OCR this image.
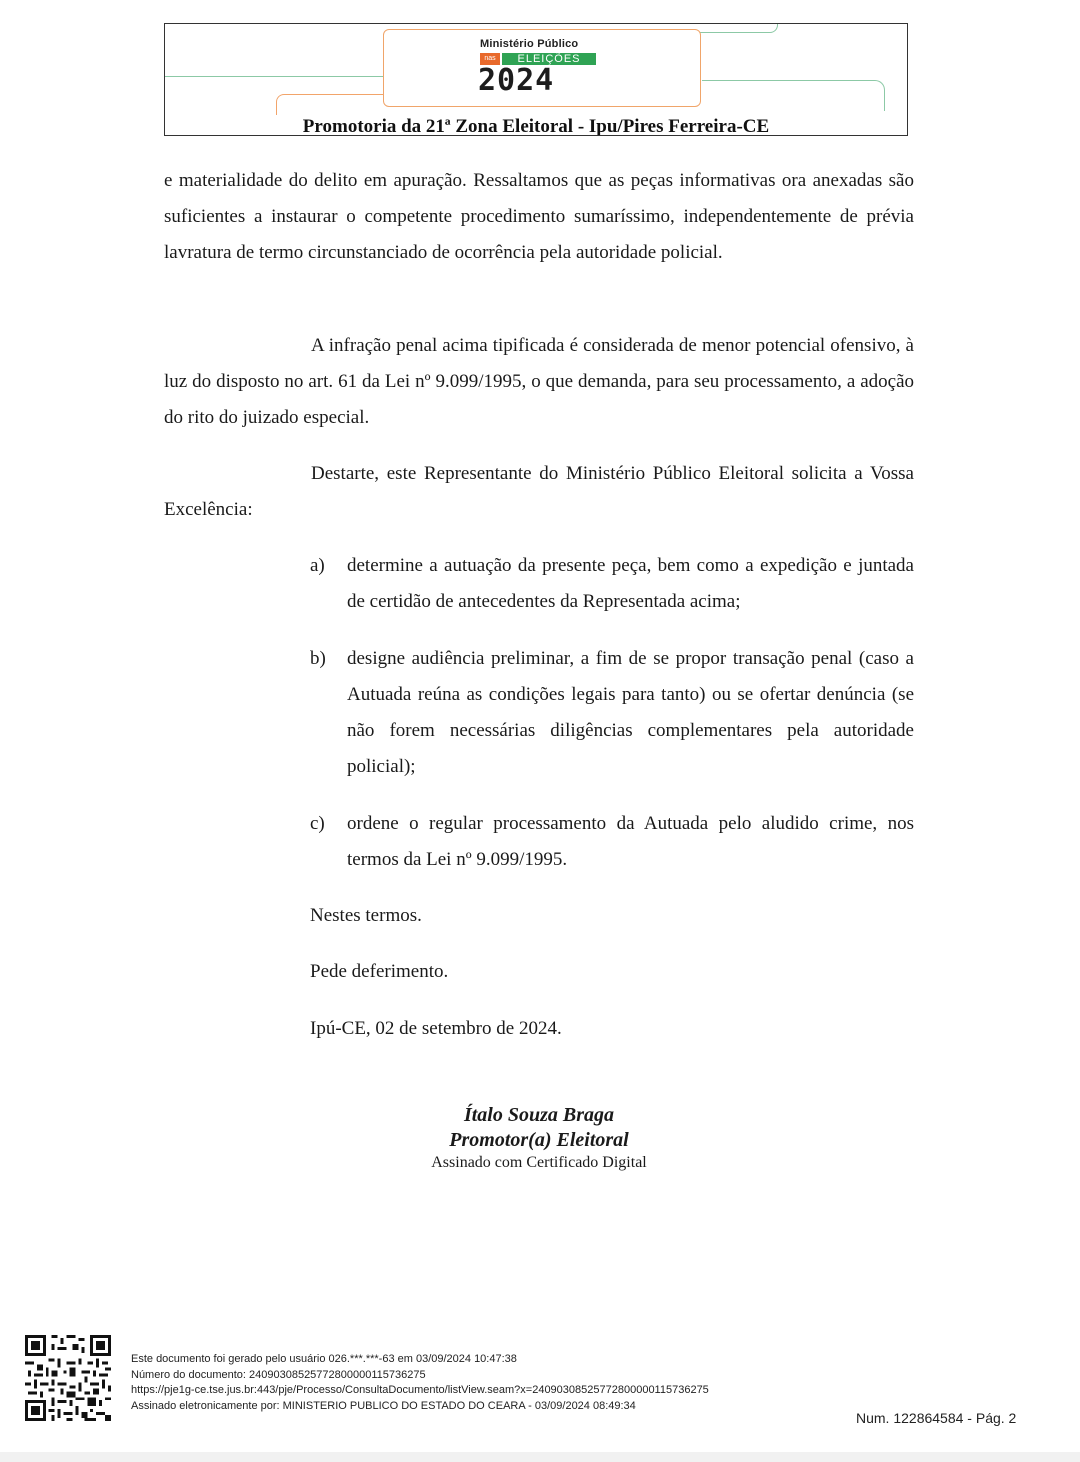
Ministério Público
nas	ELEIÇÕES
2024
Promotoria da 21ª Zona Eleitoral - Ipu/Pires Ferreira-CE

e materialidade do delito em apuração. Ressaltamos que as peças informativas ora anexadas são suficientes a instaurar o competente procedimento sumaríssimo, independentemente de prévia lavratura de termo circunstanciado de ocorrência pela autoridade policial.

A infração penal acima tipificada é considerada de menor potencial ofensivo, à luz do disposto no art. 61 da Lei nº 9.099/1995, o que demanda, para seu processamento, a adoção do rito do juizado especial.

Destarte, este Representante do Ministério Público Eleitoral solicita a Vossa Excelência:

a) determine a autuação da presente peça, bem como a expedição e juntada de certidão de antecedentes da Representada acima;

b) designe audiência preliminar, a fim de se propor transação penal (caso a Autuada reúna as condições legais para tanto) ou se ofertar denúncia (se não forem necessárias diligências complementares pela autoridade policial);

c) ordene o regular processamento da Autuada pelo aludido crime, nos termos da Lei nº 9.099/1995.

Nestes termos.
Pede deferimento.
Ipú-CE, 02 de setembro de 2024.
Ítalo Souza Braga
Promotor(a) Eleitoral
Assinado com Certificado Digital
Este documento foi gerado pelo usuário 026.***.***-63 em 03/09/2024 10:47:38
Número do documento: 24090308525772800000115736275
https://pje1g-ce.tse.jus.br:443/pje/Processo/ConsultaDocumento/listView.seam?x=24090308525772800000115736275
Assinado eletronicamente por: MINISTERIO PUBLICO DO ESTADO DO CEARA - 03/09/2024 08:49:34
Num. 122864584 - Pág. 2
